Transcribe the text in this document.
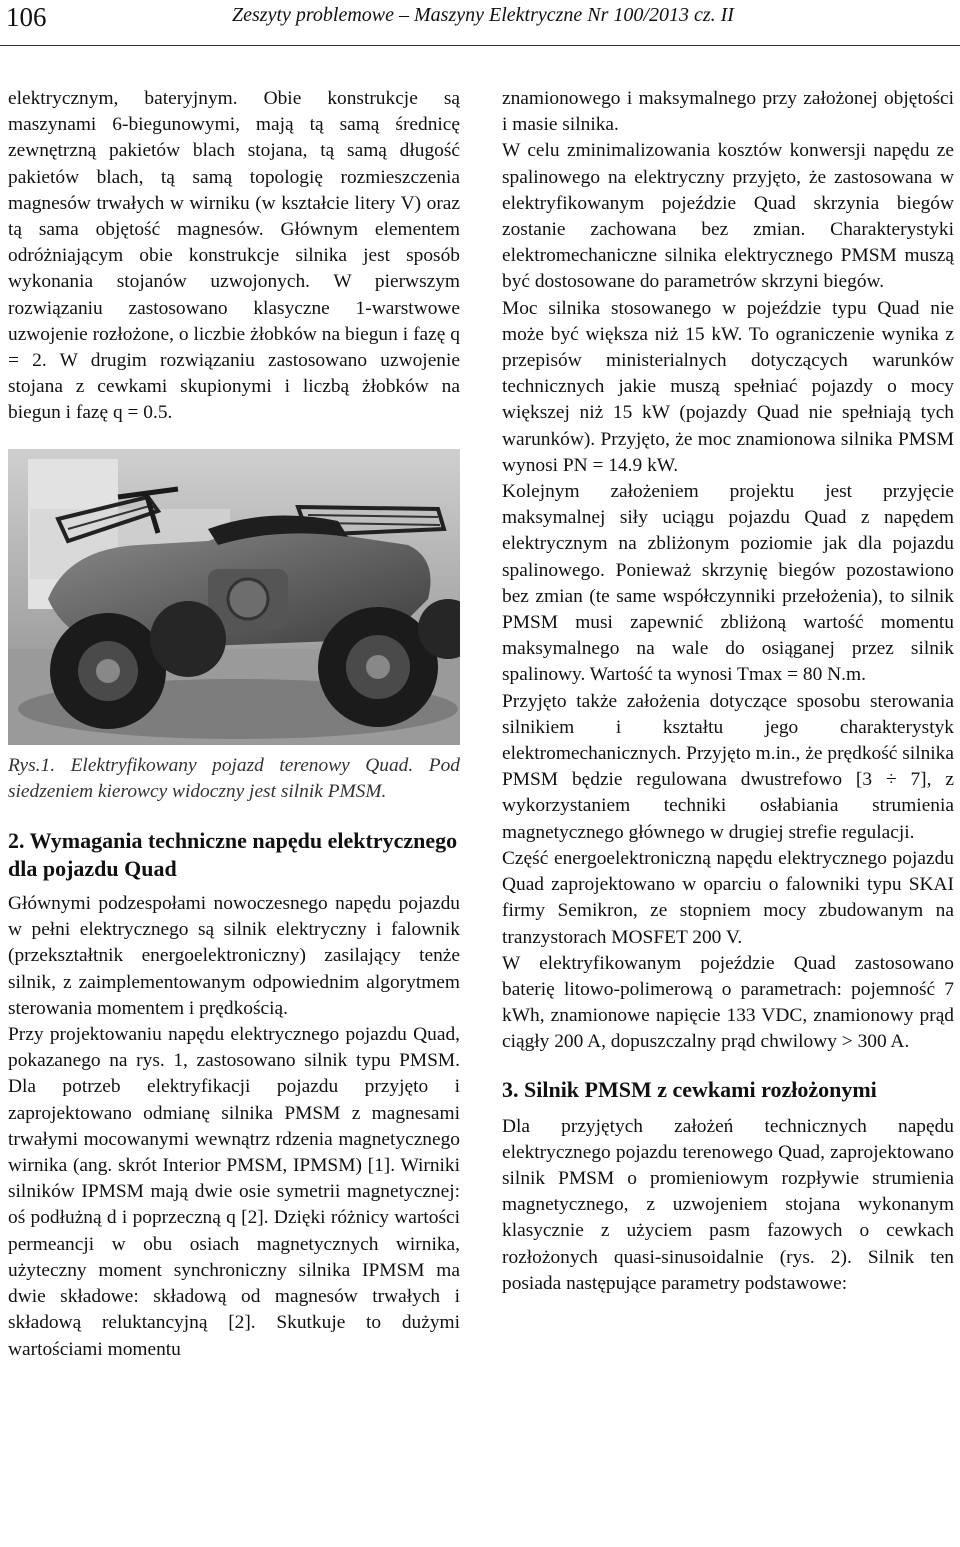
106	Zeszyty problemowe – Maszyny Elektryczne Nr 100/2013 cz. II

elektrycznym, bateryjnym. Obie konstrukcje są maszynami 6-biegunowymi, mają tą samą średnicę zewnętrzną pakietów blach stojana, tą samą długość pakietów blach, tą samą topologię rozmieszczenia magnesów trwałych w wirniku (w kształcie litery V) oraz tą sama objętość magnesów. Głównym elementem odróżniającym obie konstrukcje silnika jest sposób wykonania stojanów uzwojonych. W pierwszym rozwiązaniu zastosowano klasyczne 1-warstwowe uzwojenie rozłożone, o liczbie żłobków na biegun i fazę q = 2. W drugim rozwiązaniu zastosowano uzwojenie stojana z cewkami skupionymi i liczbą żłobków na biegun i fazę q = 0.5.

Rys.1. Elektryfikowany pojazd terenowy Quad. Pod siedzeniem kierowcy widoczny jest silnik PMSM.
2. Wymagania techniczne napędu elektrycznego dla pojazdu Quad

Głównymi podzespołami nowoczesnego napędu pojazdu w pełni elektrycznego są silnik elektryczny i falownik (przekształtnik energoelektroniczny) zasilający tenże silnik, z zaimplementowanym odpowiednim algorytmem sterowania momentem i prędkością.

Przy projektowaniu napędu elektrycznego pojazdu Quad, pokazanego na rys. 1, zastosowano silnik typu PMSM. Dla potrzeb elektryfikacji pojazdu przyjęto i zaprojektowano odmianę silnika PMSM z magnesami trwałymi mocowanymi wewnątrz rdzenia magnetycznego wirnika (ang. skrót Interior PMSM, IPMSM) [1]. Wirniki silników IPMSM mają dwie osie symetrii magnetycznej: oś podłużną d i poprzeczną q [2]. Dzięki różnicy wartości permeancji w obu osiach magnetycznych wirnika, użyteczny moment synchroniczny silnika IPMSM ma dwie składowe: składową od magnesów trwałych i składową reluktancyjną [2]. Skutkuje to dużymi wartościami momentu

znamionowego i maksymalnego przy założonej objętości i masie silnika.

W celu zminimalizowania kosztów konwersji napędu ze spalinowego na elektryczny przyjęto, że zastosowana w elektryfikowanym pojeździe Quad skrzynia biegów zostanie zachowana bez zmian. Charakterystyki elektromechaniczne silnika elektrycznego PMSM muszą być dostosowane do parametrów skrzyni biegów.

Moc silnika stosowanego w pojeździe typu Quad nie może być większa niż 15 kW. To ograniczenie wynika z przepisów ministerialnych dotyczących warunków technicznych jakie muszą spełniać pojazdy o mocy większej niż 15 kW (pojazdy Quad nie spełniają tych warunków). Przyjęto, że moc znamionowa silnika PMSM wynosi PN = 14.9 kW.

Kolejnym założeniem projektu jest przyjęcie maksymalnej siły uciągu pojazdu Quad z napędem elektrycznym na zbliżonym poziomie jak dla pojazdu spalinowego. Ponieważ skrzynię biegów pozostawiono bez zmian (te same współczynniki przełożenia), to silnik PMSM musi zapewnić zbliżoną wartość momentu maksymalnego na wale do osiąganej przez silnik spalinowy. Wartość ta wynosi Tmax = 80 N.m.

Przyjęto także założenia dotyczące sposobu sterowania silnikiem i kształtu jego charakterystyk elektromechanicznych. Przyjęto m.in., że prędkość silnika PMSM będzie regulowana dwustrefowo [3 ÷ 7], z wykorzystaniem techniki osłabiania strumienia magnetycznego głównego w drugiej strefie regulacji.

Część energoelektroniczną napędu elektrycznego pojazdu Quad zaprojektowano w oparciu o falowniki typu SKAI firmy Semikron, ze stopniem mocy zbudowanym na tranzystorach MOSFET 200 V.

W elektryfikowanym pojeździe Quad zastosowano baterię litowo-polimerową o parametrach: pojemność 7 kWh, znamionowe napięcie 133 VDC, znamionowy prąd ciągły 200 A, dopuszczalny prąd chwilowy > 300 A.

3. Silnik PMSM z cewkami rozłożonymi

Dla przyjętych założeń technicznych napędu elektrycznego pojazdu terenowego Quad, zaprojektowano silnik PMSM o promieniowym rozpływie strumienia magnetycznego, z uzwojeniem stojana wykonanym klasycznie z użyciem pasm fazowych o cewkach rozłożonych quasi-sinusoidalnie (rys. 2). Silnik ten posiada następujące parametry podstawowe:
